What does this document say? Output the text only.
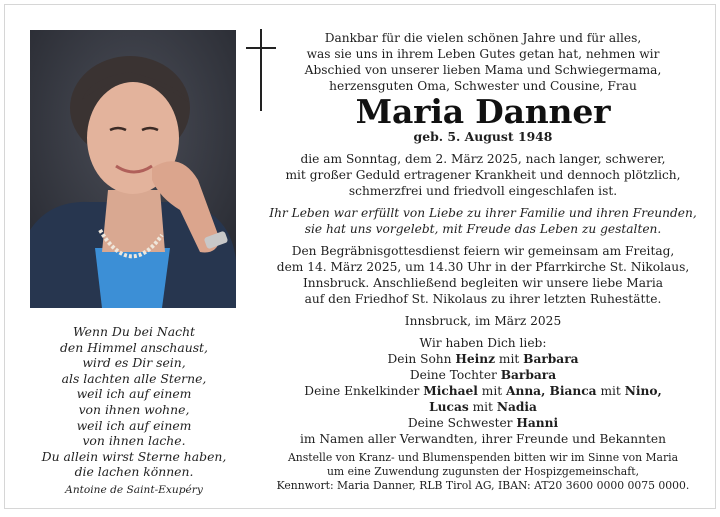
Wenn Du bei Nacht
den Himmel anschaust,
wird es Dir sein,
als lachten alle Sterne,
weil ich auf einem
von ihnen wohne,
weil ich auf einem
von ihnen lache.
Du allein wirst Sterne haben,
die lachen können.
Antoine de Saint-Exupéry
Dankbar für die vielen schönen Jahre und für alles,
was sie uns in ihrem Leben Gutes getan hat, nehmen wir
Abschied von unserer lieben Mama und Schwiegermama,
herzensguten Oma, Schwester und Cousine, Frau
Maria Danner
geb. 5. August 1948
die am Sonntag, dem 2. März 2025, nach langer, schwerer,
mit großer Geduld ertragener Krankheit und dennoch plötzlich,
schmerzfrei und friedvoll eingeschlafen ist.
Ihr Leben war erfüllt von Liebe zu ihrer Familie und ihren Freunden,
sie hat uns vorgelebt, mit Freude das Leben zu gestalten.
Den Begräbnisgottesdienst feiern wir gemeinsam am Freitag,
dem 14. März 2025, um 14.30 Uhr in der Pfarrkirche St. Nikolaus,
Innsbruck. Anschließend begleiten wir unsere liebe Maria
auf den Friedhof St. Nikolaus zu ihrer letzten Ruhestätte.
Innsbruck, im März 2025
Wir haben Dich lieb:
Dein Sohn Heinz mit Barbara
Deine Tochter Barbara
Deine Enkelkinder Michael mit Anna, Bianca mit Nino,
Lucas mit Nadia
Deine Schwester Hanni
im Namen aller Verwandten, ihrer Freunde und Bekannten
Anstelle von Kranz- und Blumenspenden bitten wir im Sinne von Maria
um eine Zuwendung zugunsten der Hospizgemeinschaft,
Kennwort: Maria Danner, RLB Tirol AG, IBAN: AT20 3600 0000 0075 0000.
